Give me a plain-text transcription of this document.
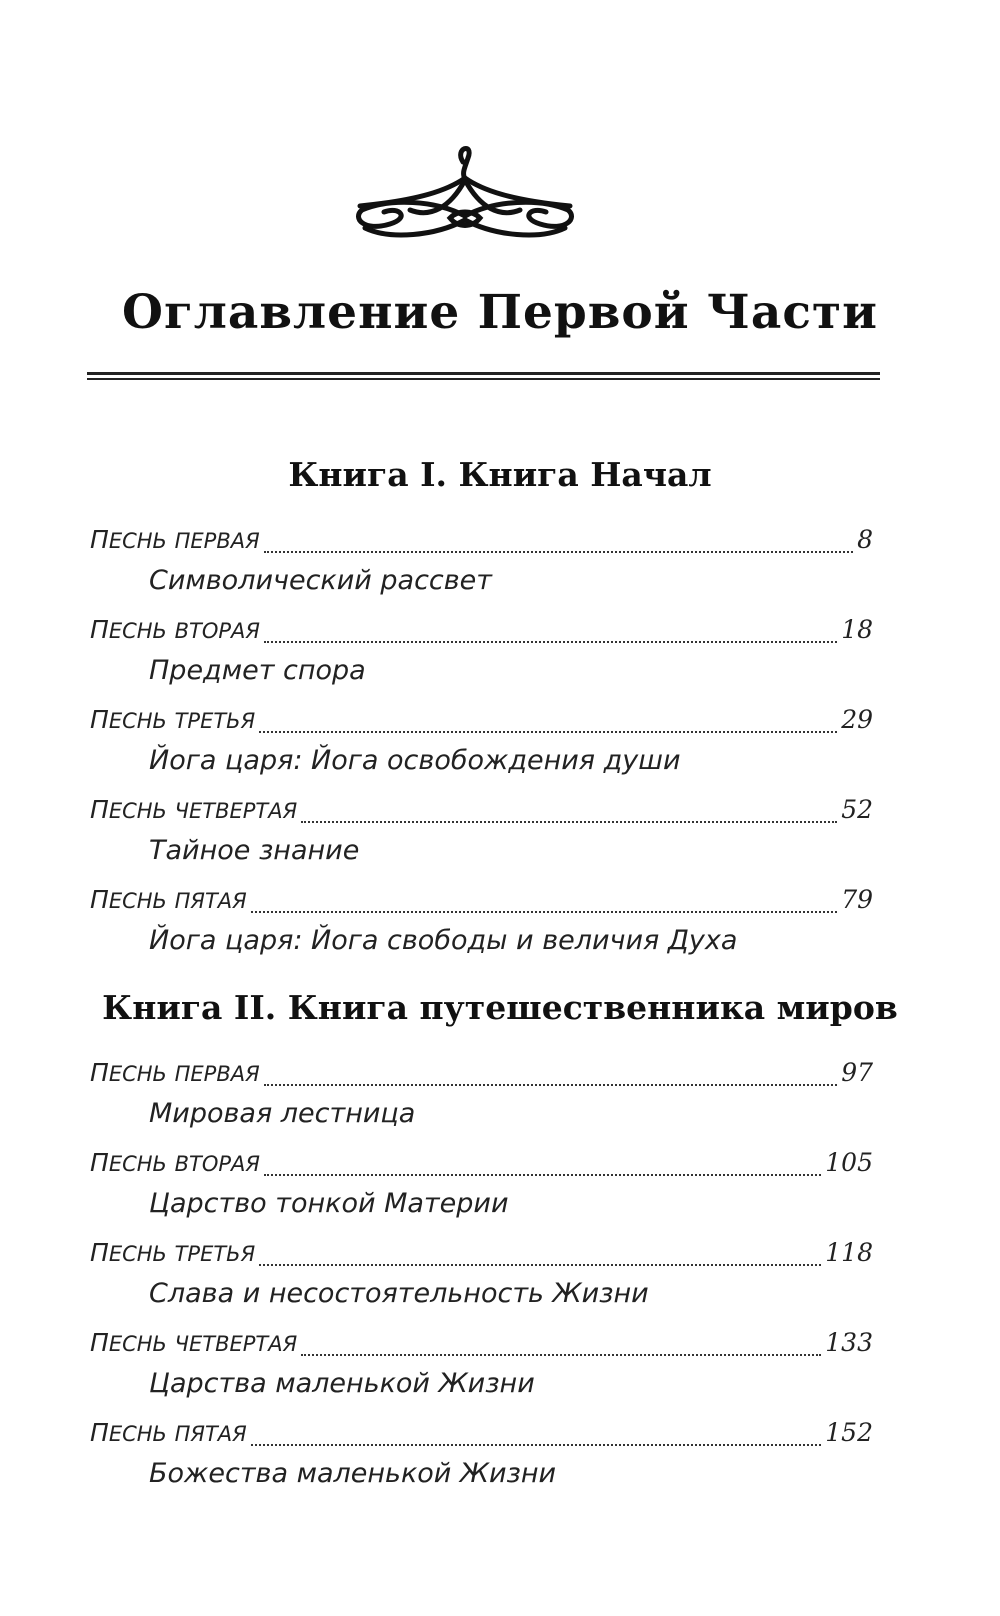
Оглавление Первой Части
Книга I. Книга Начал
ПЕСНЬ ПЕРВАЯ	8
Символический рассвет
ПЕСНЬ ВТОРАЯ	18
Предмет спора
ПЕСНЬ ТРЕТЬЯ	29
Йога царя: Йога освобождения души
ПЕСНЬ ЧЕТВЕРТАЯ	52
Тайное знание
ПЕСНЬ ПЯТАЯ	79
Йога царя: Йога свободы и величия Духа
Книга II. Книга путешественника миров
ПЕСНЬ ПЕРВАЯ	97
Мировая лестница
ПЕСНЬ ВТОРАЯ	105
Царство тонкой Материи
ПЕСНЬ ТРЕТЬЯ	118
Слава и несостоятельность Жизни
ПЕСНЬ ЧЕТВЕРТАЯ	133
Царства маленькой Жизни
ПЕСНЬ ПЯТАЯ	152
Божества маленькой Жизни
